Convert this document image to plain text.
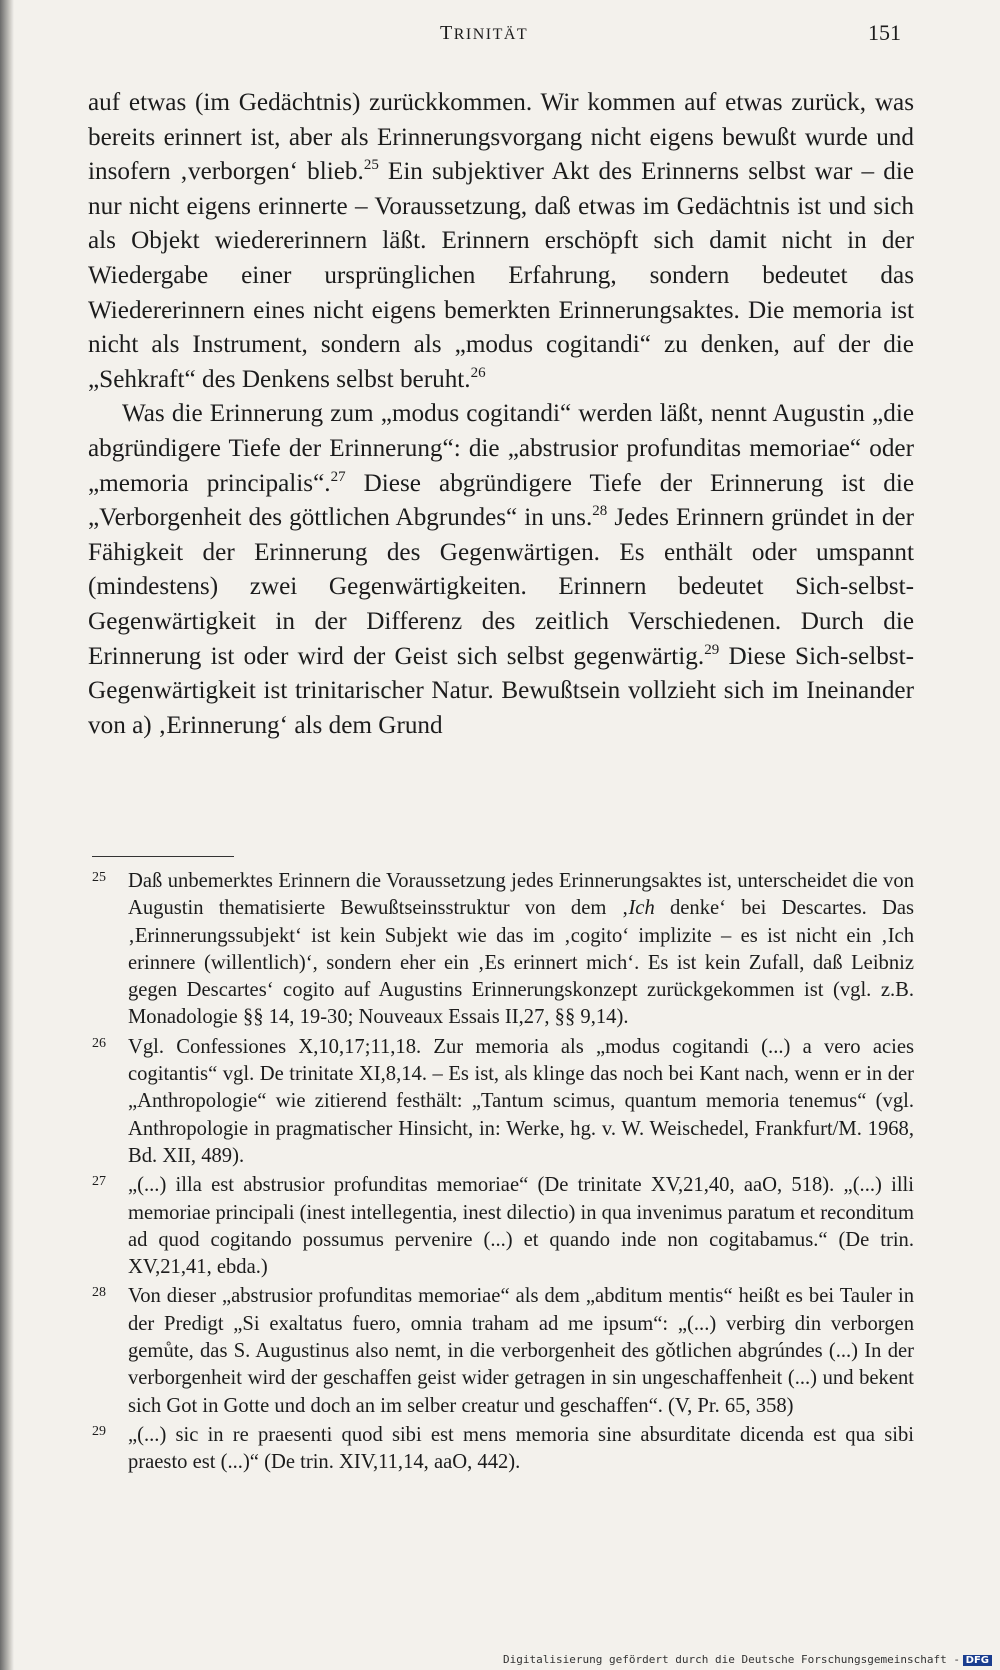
TRINITÄT	151

auf etwas (im Gedächtnis) zurückkommen. Wir kommen auf etwas zurück, was bereits erinnert ist, aber als Erinnerungsvorgang nicht eigens bewußt wurde und insofern ‚verborgen‘ blieb.$^{25}$ Ein subjektiver Akt des Erinnerns selbst war – die nur nicht eigens erinnerte – Voraussetzung, daß etwas im Gedächtnis ist und sich als Objekt wiedererinnern läßt. Erinnern erschöpft sich damit nicht in der Wiedergabe einer ursprünglichen Erfahrung, sondern bedeutet das Wiedererinnern eines nicht eigens bemerkten Erinnerungsaktes. Die memoria ist nicht als Instrument, sondern als „modus cogitandi“ zu denken, auf der die „Sehkraft“ des Denkens selbst beruht.$^{26}$

Was die Erinnerung zum „modus cogitandi“ werden läßt, nennt Augustin „die abgründigere Tiefe der Erinnerung“: die „abstrusior profunditas memoriae“ oder „memoria principalis“.$^{27}$ Diese abgründigere Tiefe der Erinnerung ist die „Verborgenheit des göttlichen Abgrundes“ in uns.$^{28}$ Jedes Erinnern gründet in der Fähigkeit der Erinnerung des Gegenwärtigen. Es enthält oder umspannt (mindestens) zwei Gegenwärtigkeiten. Erinnern bedeutet Sich-selbst-Gegenwärtigkeit in der Differenz des zeitlich Verschiedenen. Durch die Erinnerung ist oder wird der Geist sich selbst gegenwärtig.$^{29}$ Diese Sich-selbst-Gegenwärtigkeit ist trinitarischer Natur. Bewußtsein vollzieht sich im Ineinander von a) ‚Erinnerung‘ als dem Grund

25 Daß unbemerktes Erinnern die Voraussetzung jedes Erinnerungsaktes ist, unterscheidet die von Augustin thematisierte Bewußtseinsstruktur von dem ‚Ich denke‘ bei Descartes. Das ‚Erinnerungssubjekt‘ ist kein Subjekt wie das im ‚cogito‘ implizite – es ist nicht ein ‚Ich erinnere (willentlich)‘, sondern eher ein ‚Es erinnert mich‘. Es ist kein Zufall, daß Leibniz gegen Descartes‘ cogito auf Augustins Erinnerungskonzept zurückgekommen ist (vgl. z.B. Monadologie §§ 14, 19-30; Nouveaux Essais II,27, §§ 9,14).
26 Vgl. Confessiones X,10,17;11,18. Zur memoria als „modus cogitandi (...) a vero acies cogitantis“ vgl. De trinitate XI,8,14. – Es ist, als klinge das noch bei Kant nach, wenn er in der „Anthropologie“ wie zitierend festhält: „Tantum scimus, quantum memoria tenemus“ (vgl. Anthropologie in pragmatischer Hinsicht, in: Werke, hg. v. W. Weischedel, Frankfurt/M. 1968, Bd. XII, 489).
27 „(...) illa est abstrusior profunditas memoriae“ (De trinitate XV,21,40, aaO, 518). „(...) illi memoriae principali (inest intellegentia, inest dilectio) in qua invenimus paratum et reconditum ad quod cogitando possumus pervenire (...) et quando inde non cogitabamus.“ (De trin. XV,21,41, ebda.)
28 Von dieser „abstrusior profunditas memoriae“ als dem „abditum mentis“ heißt es bei Tauler in der Predigt „Si exaltatus fuero, omnia traham ad me ipsum“: „(...) verbirg din verborgen gemůte, das S. Augustinus also nemt, in die verborgenheit des gǒtlichen abgrúndes (...) In der verborgenheit wird der geschaffen geist wider getragen in sin ungeschaffenheit (...) und bekent sich Got in Gotte und doch an im selber creatur und geschaffen“. (V, Pr. 65, 358)
29 „(...) sic in re praesenti quod sibi est mens memoria sine absurditate dicenda est qua sibi praesto est (...)“ (De trin. XIV,11,14, aaO, 442).
Digitalisierung gefördert durch die Deutsche Forschungsgemeinschaft - DFG
